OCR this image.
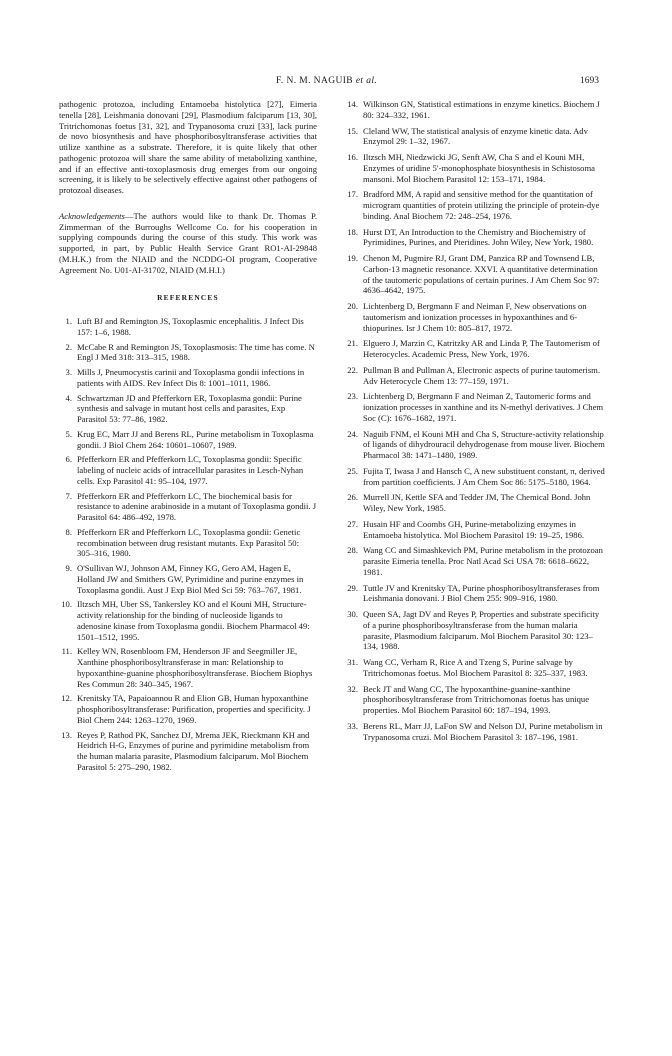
F. N. M. NAGUIB et al.	1693

pathogenic protozoa, including Entamoeba histolytica [27], Eimeria tenella [28], Leishmania donovani [29], Plasmodium falciparum [13, 30], Tritrichomonas foetus [31, 32], and Trypanosoma cruzi [33], lack purine de novo biosynthesis and have phosphoribosyltransferase activities that utilize xanthine as a substrate. Therefore, it is quite likely that other pathogenic protozoa will share the same ability of metabolizing xanthine, and if an effective anti-toxoplasmosis drug emerges from our ongoing screening, it is likely to be selectively effective against other pathogens of protozoal diseases.

Acknowledgements—The authors would like to thank Dr. Thomas P. Zimmerman of the Burroughs Wellcome Co. for his cooperation in supplying compounds during the course of this study. This work was supported, in part, by Public Health Service Grant RO1-AI-29848 (M.H.K.) from the NIAID and the NCDDG-OI program, Cooperative Agreement No. U01-AI-31702, NIAID (M.H.I.)

REFERENCES
1. Luft BJ and Remington JS, Toxoplasmic encephalitis. J Infect Dis 157: 1–6, 1988.
2. McCabe R and Remington JS, Toxoplasmosis: The time has come. N Engl J Med 318: 313–315, 1988.
3. Mills J, Pneumocystis carinii and Toxoplasma gondii infections in patients with AIDS. Rev Infect Dis 8: 1001–1011, 1986.
4. Schwartzman JD and Pfefferkorn ER, Toxoplasma gondii: Purine synthesis and salvage in mutant host cells and parasites, Exp Parasitol 53: 77–86, 1982.
5. Krug EC, Marr JJ and Berens RL, Purine metabolism in Toxoplasma gondii. J Biol Chem 264: 10601–10607, 1989.
6. Pfefferkorn ER and Pfefferkorn LC, Toxoplasma gondii: Specific labeling of nucleic acids of intracellular parasites in Lesch-Nyhan cells. Exp Parasitol 41: 95–104, 1977.
7. Pfefferkorn ER and Pfefferkorn LC, The biochemical basis for resistance to adenine arabinoside in a mutant of Toxoplasma gondii. J Parasitol 64: 486–492, 1978.
8. Pfefferkorn ER and Pfefferkorn LC, Toxoplasma gondii: Genetic recombination between drug resistant mutants. Exp Parasitol 50: 305–316, 1980.
9. O'Sullivan WJ, Johnson AM, Finney KG, Gero AM, Hagen E, Holland JW and Smithers GW, Pyrimidine and purine enzymes in Toxoplasma gondii. Aust J Exp Biol Med Sci 59: 763–767, 1981.
10. Iltzsch MH, Uber SS, Tankersley KO and el Kouni MH, Structure-activity relationship for the binding of nucleoside ligands to adenosine kinase from Toxoplasma gondii. Biochem Pharmacol 49: 1501–1512, 1995.
11. Kelley WN, Rosenbloom FM, Henderson JF and Seegmiller JE, Xanthine phosphoribosyltransferase in man: Relationship to hypoxanthine-guanine phosphoribosyltransferase. Biochem Biophys Res Commun 28: 340–345, 1967.
12. Krenitsky TA, Papaioannou R and Elion GB, Human hypoxanthine phosphoribosyltransferase: Purification, properties and specificity. J Biol Chem 244: 1263–1270, 1969.
13. Reyes P, Rathod PK, Sanchez DJ, Mrema JEK, Rieckmann KH and Heidrich H-G, Enzymes of purine and pyrimidine metabolism from the human malaria parasite, Plasmodium falciparum. Mol Biochem Parasitol 5: 275–290, 1982.
14. Wilkinson GN, Statistical estimations in enzyme kinetics. Biochem J 80: 324–332, 1961.
15. Cleland WW, The statistical analysis of enzyme kinetic data. Adv Enzymol 29: 1–32, 1967.
16. Iltzsch MH, Niedzwicki JG, Senft AW, Cha S and el Kouni MH, Enzymes of uridine 5′-monophosphate biosynthesis in Schistosoma mansoni. Mol Biochem Parasitol 12: 153–171, 1984.
17. Bradford MM, A rapid and sensitive method for the quantitation of microgram quantities of protein utilizing the principle of protein-dye binding. Anal Biochem 72: 248–254, 1976.
18. Hurst DT, An Introduction to the Chemistry and Biochemistry of Pyrimidines, Purines, and Pteridines. John Wiley, New York, 1980.
19. Chenon M, Pugmire RJ, Grant DM, Panzica RP and Townsend LB, Carbon-13 magnetic resonance. XXVI. A quantitative determination of the tautomeric populations of certain purines. J Am Chem Soc 97: 4636–4642, 1975.
20. Lichtenberg D, Bergmann F and Neiman F, New observations on tautomerism and ionization processes in hypoxanthines and 6-thiopurines. Isr J Chem 10: 805–817, 1972.
21. Elguero J, Marzin C, Katritzky AR and Linda P, The Tautomerism of Heterocycles. Academic Press, New York, 1976.
22. Pullman B and Pullman A, Electronic aspects of purine tautomerism. Adv Heterocycle Chem 13: 77–159, 1971.
23. Lichtenberg D, Bergmann F and Neiman Z, Tautomeric forms and ionization processes in xanthine and its N-methyl derivatives. J Chem Soc (C): 1676–1682, 1971.
24. Naguib FNM, el Kouni MH and Cha S, Structure-activity relationship of ligands of dihydrouracil dehydrogenase from mouse liver. Biochem Pharmacol 38: 1471–1480, 1989.
25. Fujita T, Iwasa J and Hansch C, A new substituent constant, π, derived from partition coefficients. J Am Chem Soc 86: 5175–5180, 1964.
26. Murrell JN, Kettle SFA and Tedder JM, The Chemical Bond. John Wiley, New York, 1985.
27. Husain HF and Coombs GH, Purine-metabolizing enzymes in Entamoeba histolytica. Mol Biochem Parasitol 19: 19–25, 1986.
28. Wang CC and Simashkevich PM, Purine metabolism in the protozoan parasite Eimeria tenella. Proc Natl Acad Sci USA 78: 6618–6622, 1981.
29. Tuttle JV and Krenitsky TA, Purine phosphoribosyltransferases from Leishmania donovani. J Biol Chem 255: 909–916, 1980.
30. Queen SA, Jagt DV and Reyes P, Properties and substrate specificity of a purine phosphoribosyltransferase from the human malaria parasite, Plasmodium falciparum. Mol Biochem Parasitol 30: 123–134, 1988.
31. Wang CC, Verham R, Rice A and Tzeng S, Purine salvage by Tritrichomonas foetus. Mol Biochem Parasitol 8: 325–337, 1983.
32. Beck JT and Wang CC, The hypoxanthine-guanine-xanthine phosphoribosyltransferase from Tritrichomonas foetus has unique properties. Mol Biochem Parasitol 60: 187–194, 1993.
33. Berens RL, Marr JJ, LaFon SW and Nelson DJ, Purine metabolism in Trypanosoma cruzi. Mol Biochem Parasitol 3: 187–196, 1981.
